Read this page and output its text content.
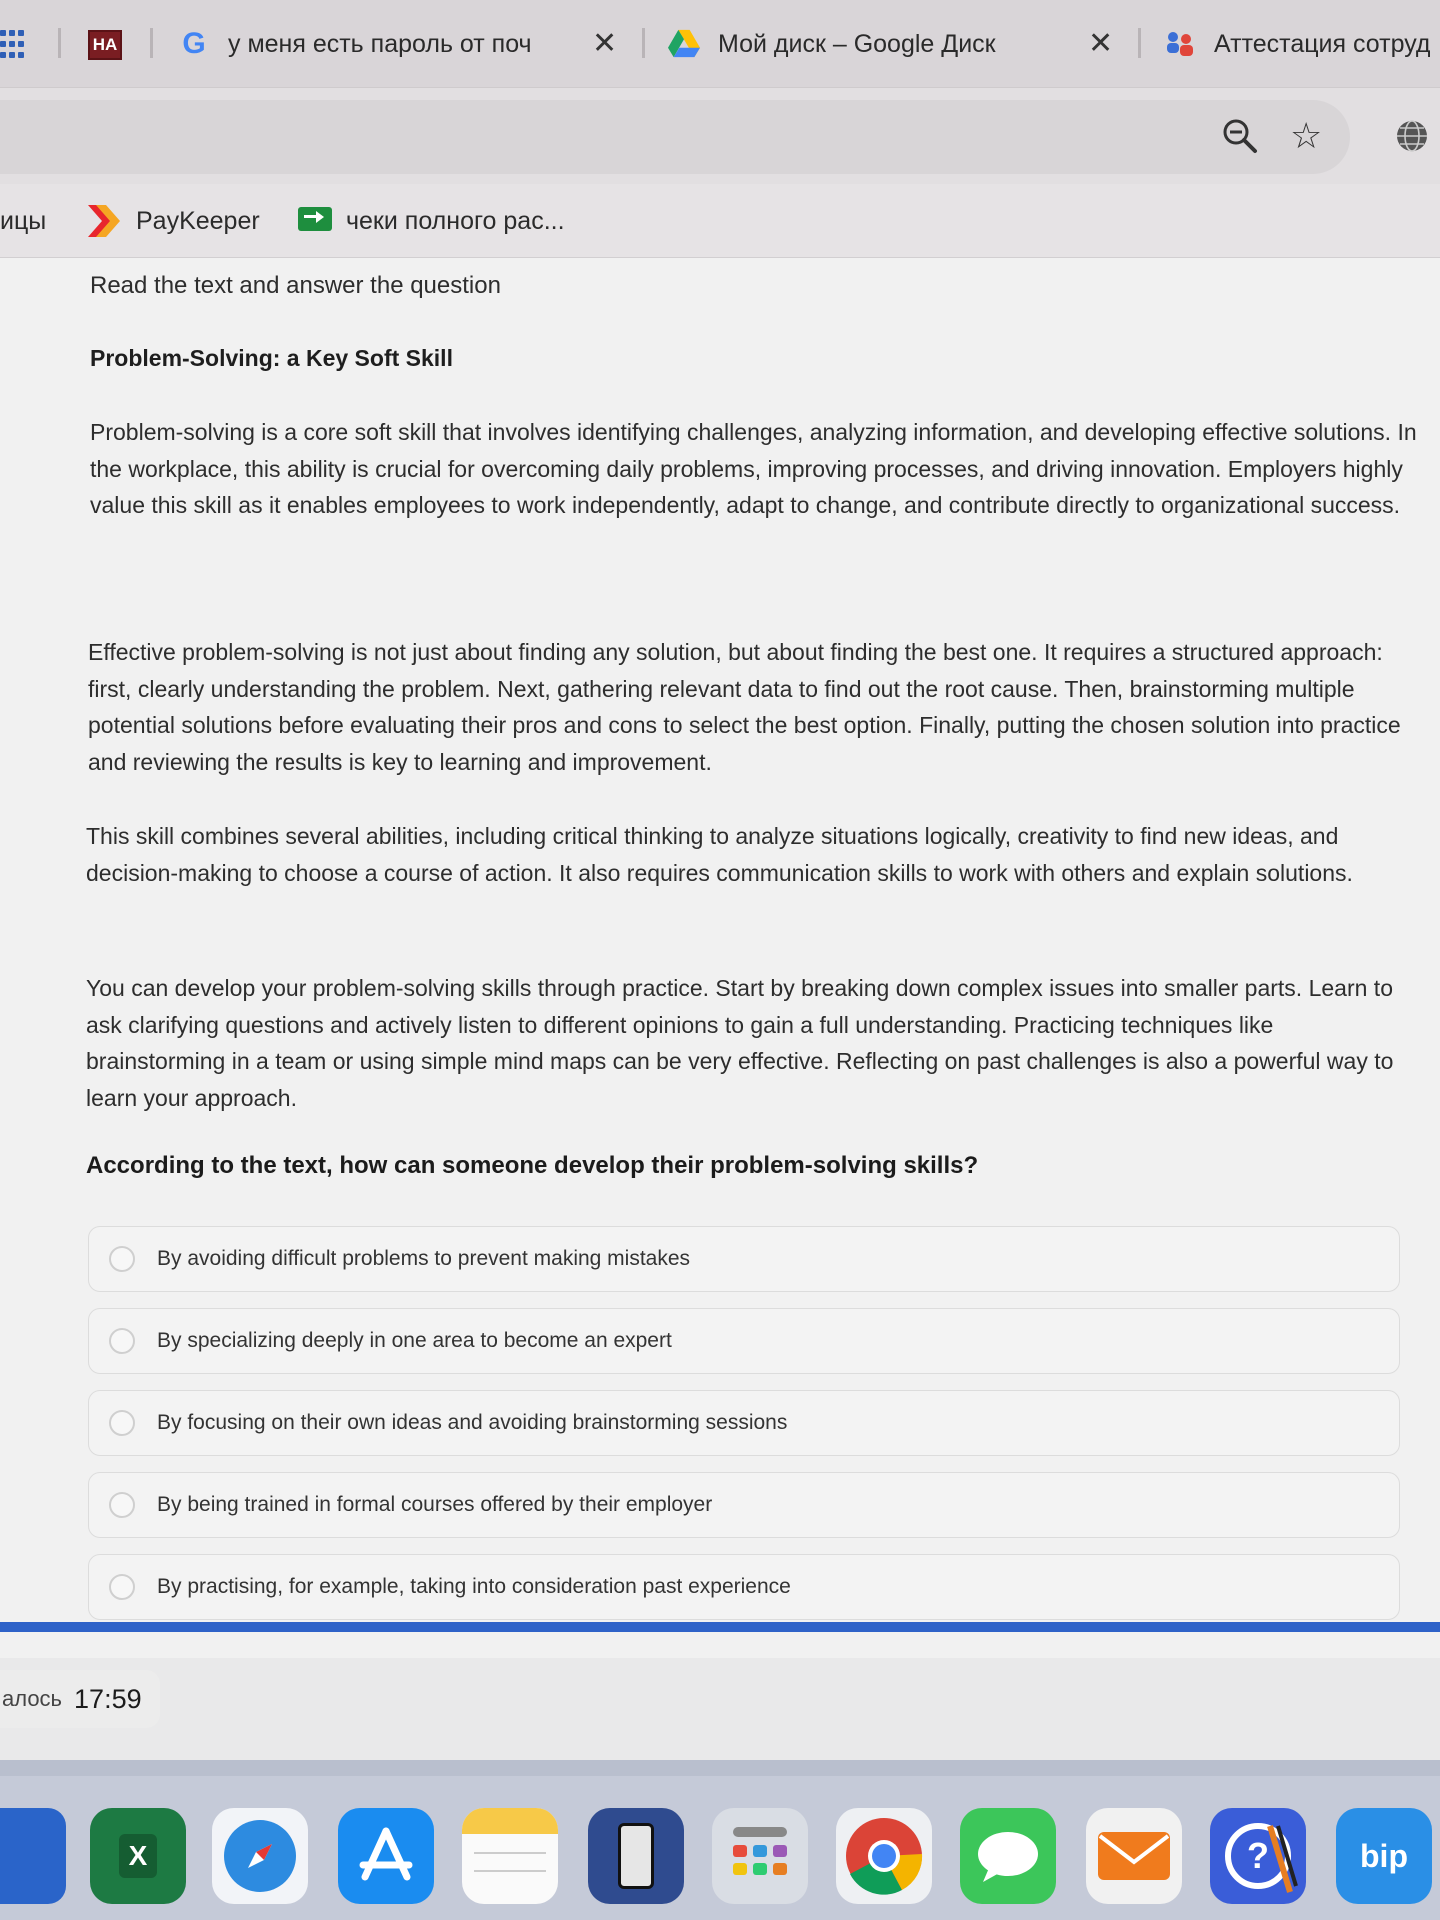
НА G у меня есть пароль от поч	✕	Мой диск – Google Диск	✕	Аттестация сотруд
☆
ицы	PayKeeper	чеки полного рас...

Read the text and answer the question

Problem-Solving: a Key Soft Skill

Problem-solving is a core soft skill that involves identifying challenges, analyzing information, and developing effective solutions. In the workplace, this ability is crucial for overcoming daily problems, improving processes, and driving innovation. Employers highly value this skill as it enables employees to work independently, adapt to change, and contribute directly to organizational success.

Effective problem-solving is not just about finding any solution, but about finding the best one. It requires a structured approach: first, clearly understanding the problem. Next, gathering relevant data to find out the root cause. Then, brainstorming multiple potential solutions before evaluating their pros and cons to select the best option. Finally, putting the chosen solution into practice and reviewing the results is key to learning and improvement.

This skill combines several abilities, including critical thinking to analyze situations logically, creativity to find new ideas, and decision-making to choose a course of action. It also requires communication skills to work with others and explain solutions.

You can develop your problem-solving skills through practice. Start by breaking down complex issues into smaller parts. Learn to ask clarifying questions and actively listen to different opinions to gain a full understanding. Practicing techniques like brainstorming in a team or using simple mind maps can be very effective. Reflecting on past challenges is also a powerful way to learn your approach.

According to the text, how can someone develop their problem-solving skills?

By avoiding difficult problems to prevent making mistakes
By specializing deeply in one area to become an expert
By focusing on their own ideas and avoiding brainstorming sessions
By being trained in formal courses offered by their employer
By practising, for example, taking into consideration past experience
алось 17:59
X	?	bip
